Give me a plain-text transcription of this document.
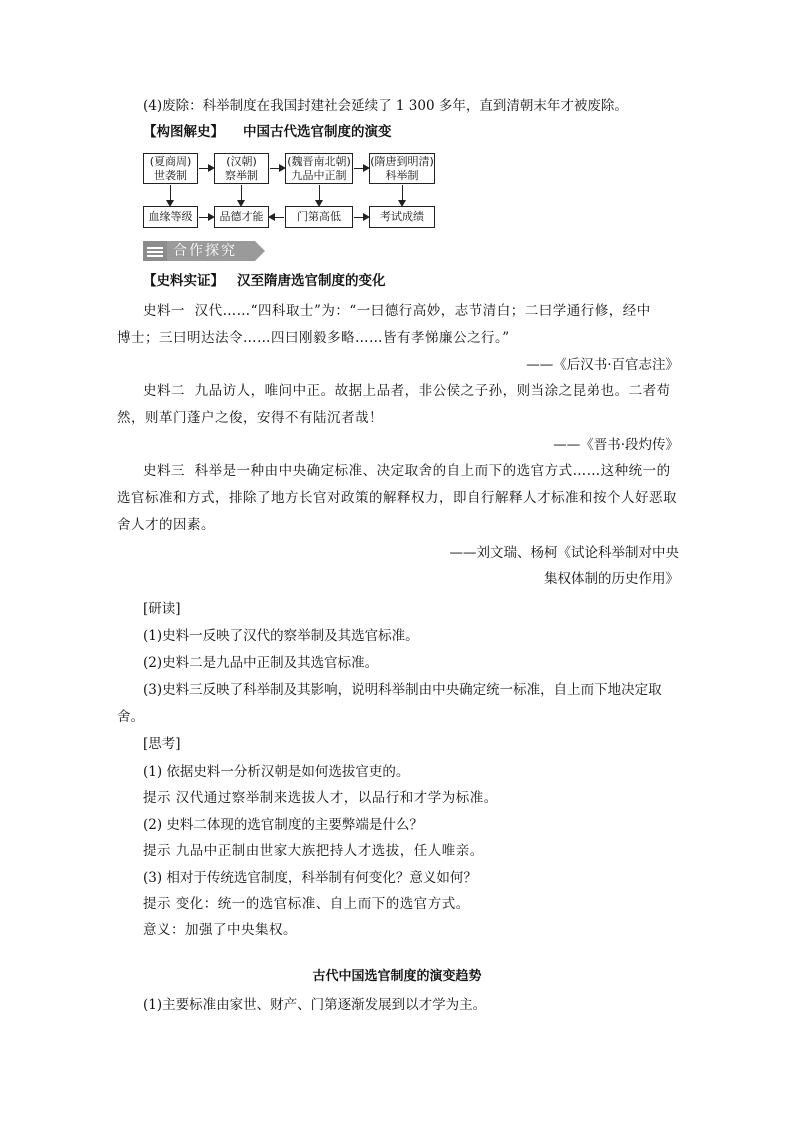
(4)废除：科举制度在我国封建社会延续了 1 300 多年，直到清朝末年才被废除。
【构图解史】 中国古代选官制度的演变
(夏商周)
世袭制
(汉朝)
察举制
(魏晋南北朝)
九品中正制
(隋唐到明清)
科举制
血缘等级	品德才能	门第高低	考试成绩
合作探究
【史料实证】 汉至隋唐选官制度的变化
史料一 汉代……“四科取士”为：“一曰德行高妙，志节清白；二曰学通行修，经中
博士；三曰明达法令……四曰刚毅多略……皆有孝悌廉公之行。”
——《后汉书·百官志注》
史料二 九品访人，唯问中正。故据上品者，非公侯之子孙，则当涂之昆弟也。二者苟
然，则革门蓬户之俊，安得不有陆沉者哉！
——《晋书·段灼传》
史料三 科举是一种由中央确定标准、决定取舍的自上而下的选官方式……这种统一的
选官标准和方式，排除了地方长官对政策的解释权力，即自行解释人才标准和按个人好恶取
舍人才的因素。
——刘文瑞、杨柯《试论科举制对中央
集权体制的历史作用》
[研读]
(1)史料一反映了汉代的察举制及其选官标准。
(2)史料二是九品中正制及其选官标准。
(3)史料三反映了科举制及其影响，说明科举制由中央确定统一标准，自上而下地决定取
舍。
[思考]
(1) 依据史料一分析汉朝是如何选拔官吏的。
提示 汉代通过察举制来选拔人才，以品行和才学为标准。
(2) 史料二体现的选官制度的主要弊端是什么？
提示 九品中正制由世家大族把持人才选拔，任人唯亲。
(3) 相对于传统选官制度，科举制有何变化？意义如何？
提示 变化：统一的选官标准、自上而下的选官方式。
意义：加强了中央集权。
古代中国选官制度的演变趋势
(1)主要标准由家世、财产、门第逐渐发展到以才学为主。
